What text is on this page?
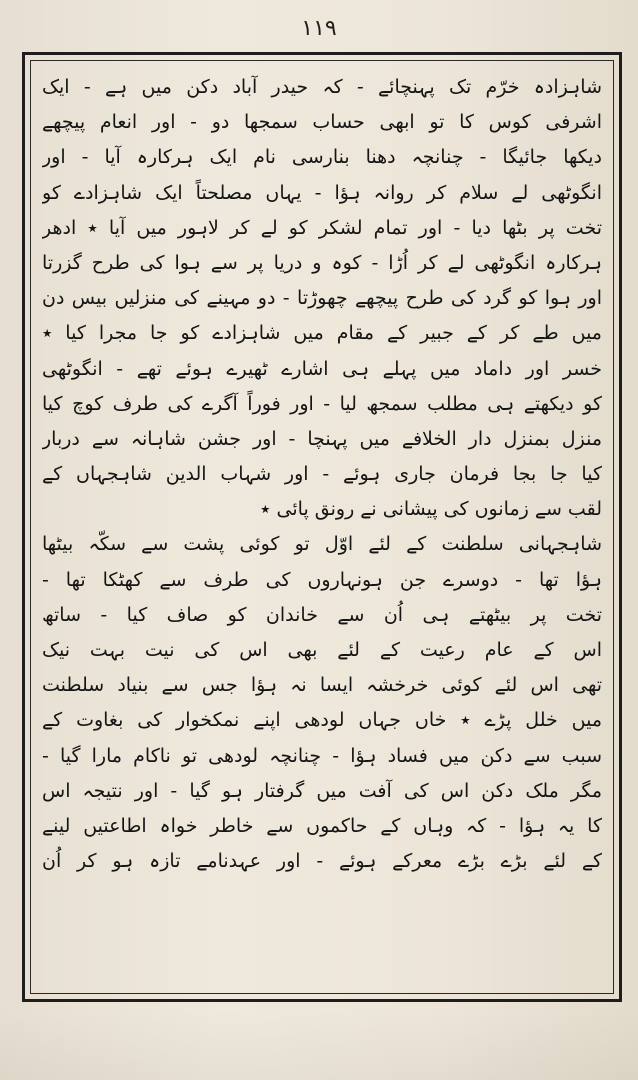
١١٩
شاہزادہ خرّم تک پہنچائے - کہ حیدر آباد دکن میں ہے - ایک
اشرفی کوس کا تو ابھی حساب سمجھا دو - اور انعام پیچھے
دیکھا جائیگا - چنانچہ دھنا بنارسی نام ایک ہرکارہ آیا - اور
انگوٹھی لے سلام کر روانہ ہؤا - یہاں مصلحتاً ایک شاہزادے کو
تخت پر بٹھا دیا - اور تمام لشکر کو لے کر لاہور میں آیا ٭ ادھر
ہرکارہ انگوٹھی لے کر اُڑا - کوہ و دریا پر سے ہوا کی طرح گزرتا
اور ہوا کو گرد کی طرح پیچھے چھوڑتا - دو مہینے کی منزلیں بیس دن
میں طے کر کے جبیر کے مقام میں شاہزادے کو جا مجرا کیا ٭
خسر اور داماد میں پہلے ہی اشارے ٹھیرے ہوئے تھے - انگوٹھی
کو دیکھتے ہی مطلب سمجھ لیا - اور فوراً آگرے کی طرف کوچ کیا
منزل بمنزل دار الخلافے میں پہنچا - اور جشن شاہانہ سے دربار
کیا جا بجا فرمان جاری ہوئے - اور شہاب الدین شاہجہاں کے
لقب سے زمانوں کی پیشانی نے رونق پائی ٭
شاہجہانی سلطنت کے لئے اوّل تو کوئی پشت سے سکّہ بیٹھا
ہؤا تھا - دوسرے جن ہونہاروں کی طرف سے کھٹکا تھا -
تخت پر بیٹھتے ہی اُن سے خاندان کو صاف کیا - ساتھ
اس کے عام رعیت کے لئے بھی اس کی نیت بہت نیک
تھی اس لئے کوئی خرخشہ ایسا نہ ہؤا جس سے بنیاد سلطنت
میں خلل پڑے ٭ خاں جہاں لودھی اپنے نمکخوار کی بغاوت کے
سبب سے دکن میں فساد ہؤا - چنانچہ لودھی تو ناکام مارا گیا -
مگر ملک دکن اس کی آفت میں گرفتار ہو گیا - اور نتیجہ اس
کا یہ ہؤا - کہ وہاں کے حاکموں سے خاطر خواہ اطاعتیں لینے
کے لئے بڑے بڑے معرکے ہوئے - اور عہدنامے تازہ ہو کر اُن
